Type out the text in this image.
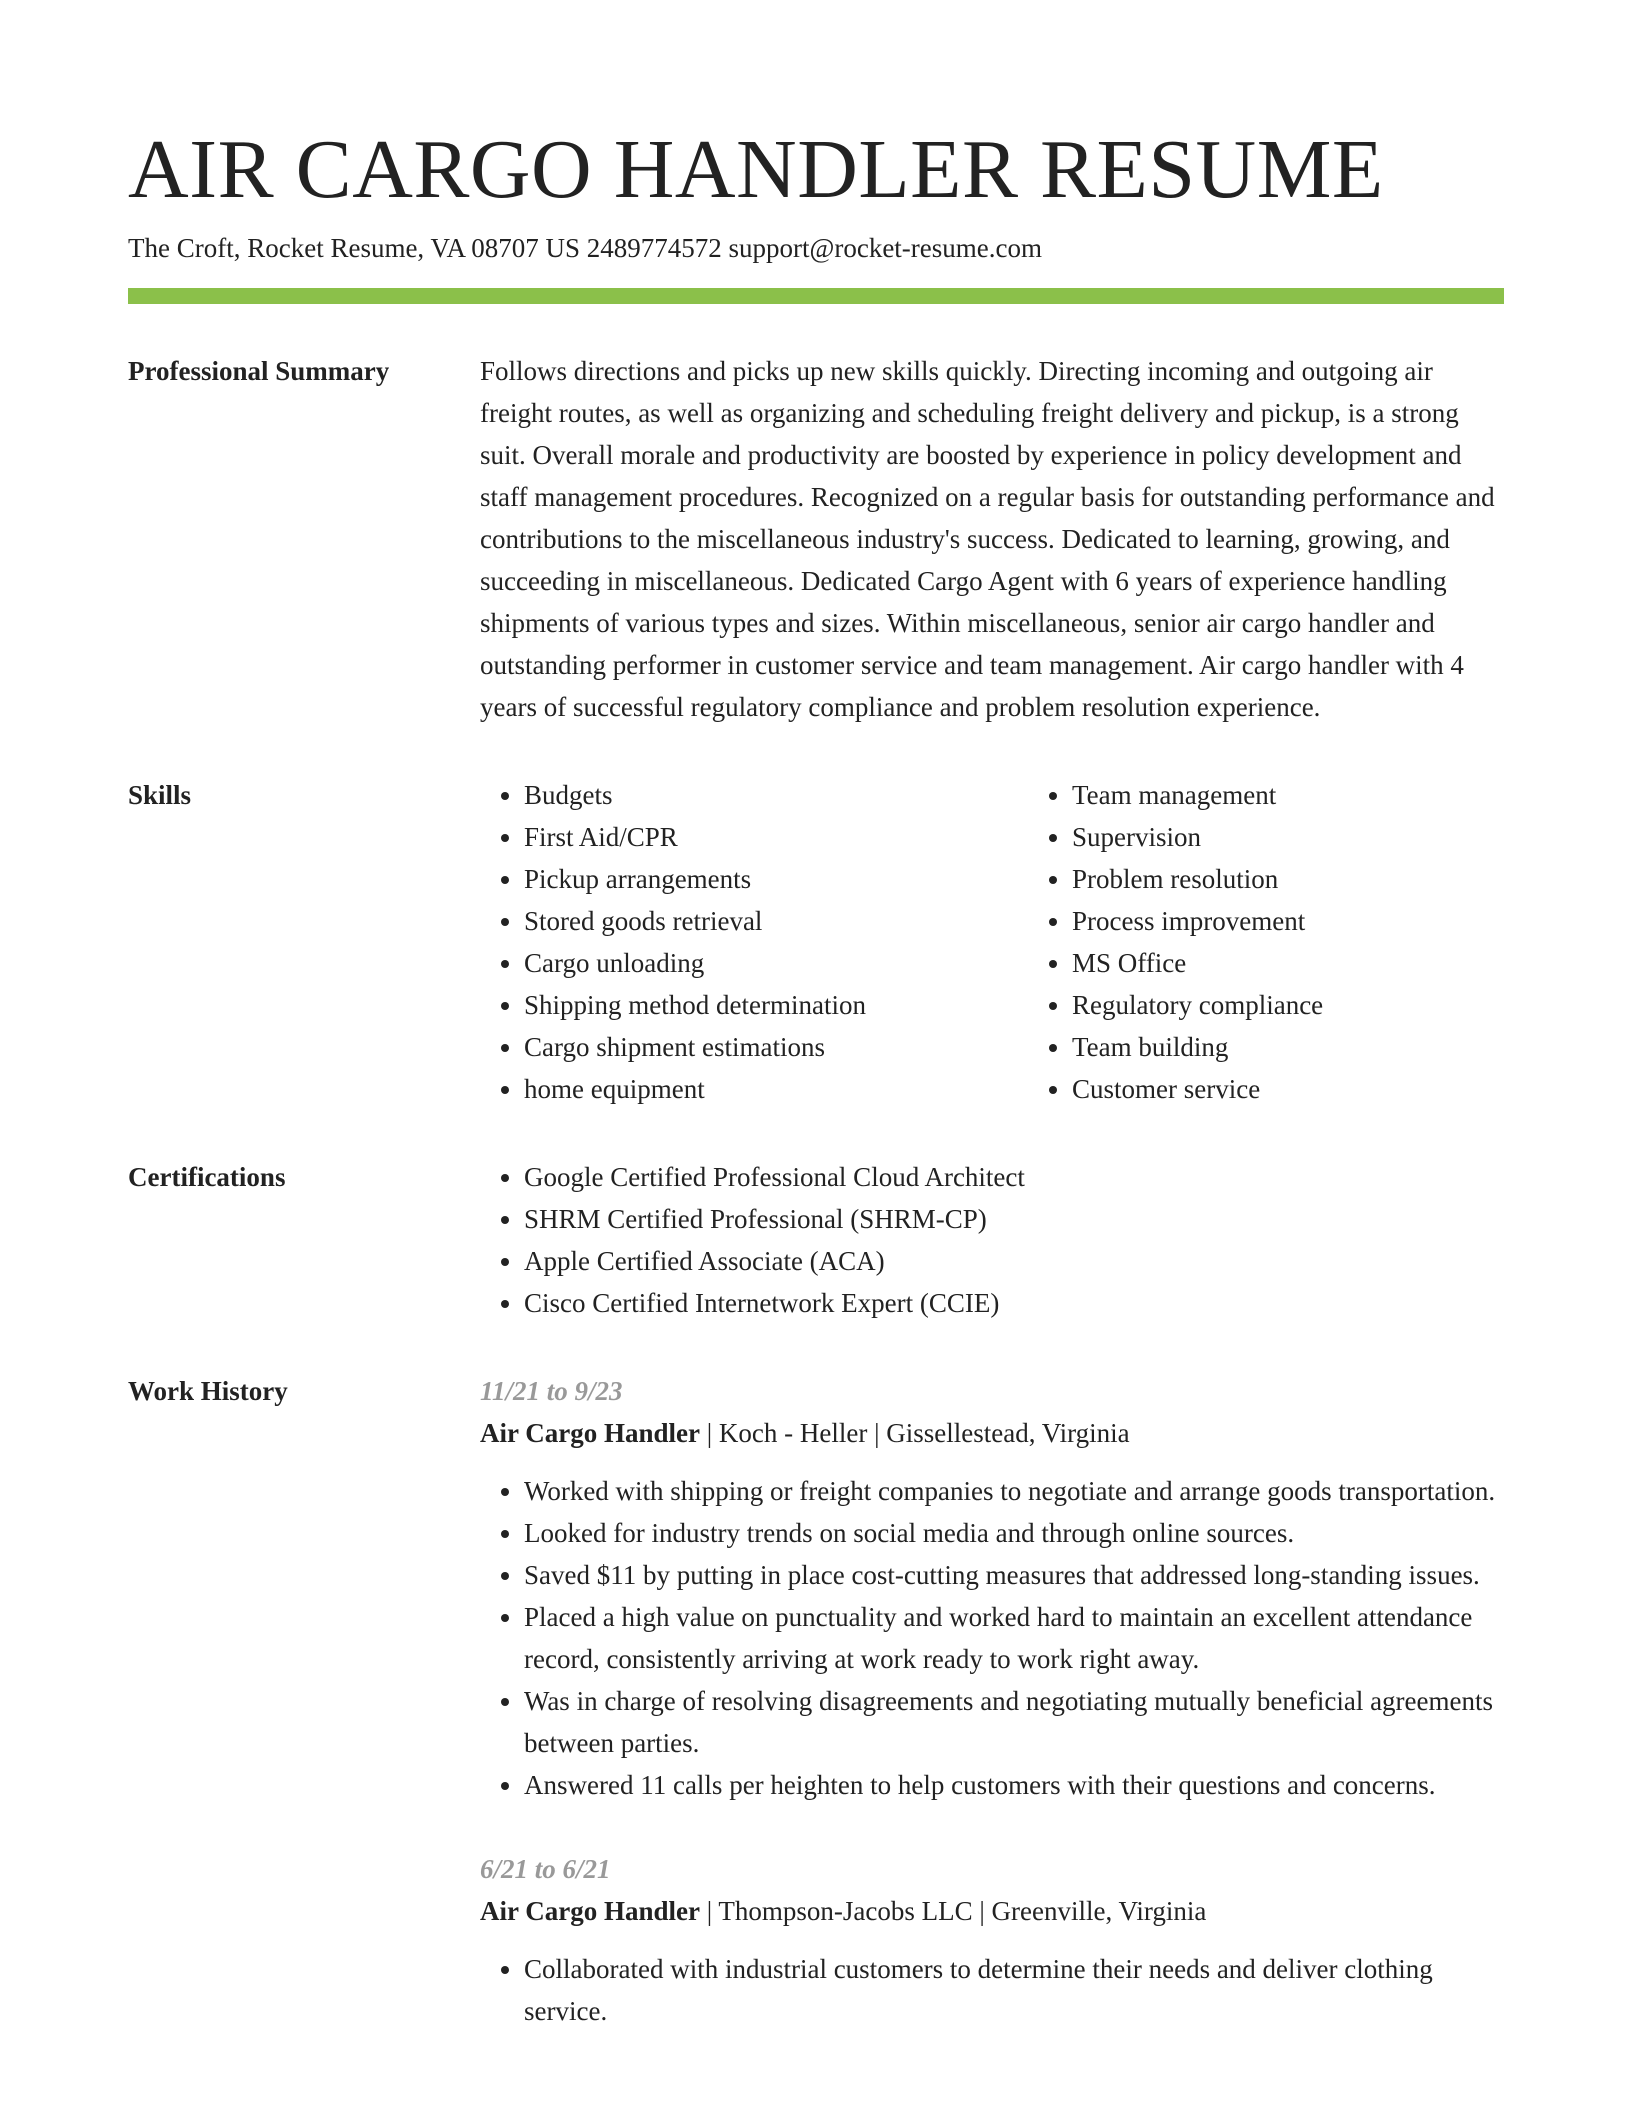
AIR CARGO HANDLER RESUME
The Croft, Rocket Resume, VA 08707 US 2489774572 support@rocket-resume.com
Professional Summary	Follows directions and picks up new skills quickly. Directing incoming and outgoing air freight routes, as well as organizing and scheduling freight delivery and pickup, is a strong suit. Overall morale and productivity are boosted by experience in policy development and staff management procedures. Recognized on a regular basis for outstanding performance and contributions to the miscellaneous industry's success. Dedicated to learning, growing, and succeeding in miscellaneous. Dedicated Cargo Agent with 6 years of experience handling shipments of various types and sizes. Within miscellaneous, senior air cargo handler and outstanding performer in customer service and team management. Air cargo handler with 4 years of successful regulatory compliance and problem resolution experience.

Skills	• Budgets
• First Aid/CPR
• Pickup arrangements
• Stored goods retrieval
• Cargo unloading
• Shipping method determination
• Cargo shipment estimations
• home equipment
• Team management
• Supervision
• Problem resolution
• Process improvement
• MS Office
• Regulatory compliance
• Team building
• Customer service
Certifications	• Google Certified Professional Cloud Architect
• SHRM Certified Professional (SHRM-CP)
• Apple Certified Associate (ACA)
• Cisco Certified Internetwork Expert (CCIE)
Work History	11/21 to 9/23
Air Cargo Handler | Koch - Heller | Gissellestead, Virginia
• Worked with shipping or freight companies to negotiate and arrange goods transportation.
• Looked for industry trends on social media and through online sources.
• Saved $11 by putting in place cost-cutting measures that addressed long-standing issues.
• Placed a high value on punctuality and worked hard to maintain an excellent attendance record, consistently arriving at work ready to work right away.
• Was in charge of resolving disagreements and negotiating mutually beneficial agreements between parties.
• Answered 11 calls per heighten to help customers with their questions and concerns.
6/21 to 6/21
Air Cargo Handler | Thompson-Jacobs LLC | Greenville, Virginia
• Collaborated with industrial customers to determine their needs and deliver clothing service.
